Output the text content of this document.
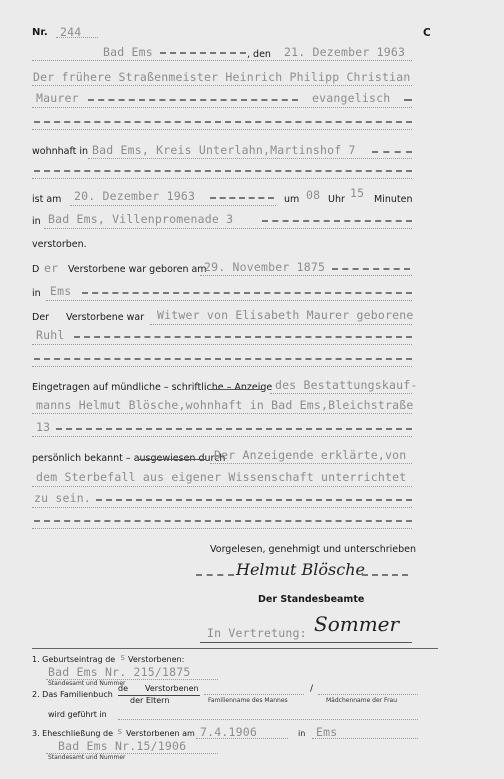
Nr. 244	C
Bad Ems	, den 21. Dezember 1963
Der frühere Straßenmeister Heinrich Philipp Christian
Maurer	evangelisch
wohnhaft in Bad Ems, Kreis Unterlahn,Martinshof 7
ist am 20. Dezember 1963	um 08 Uhr 15 Minuten
in Bad Ems, Villenpromenade 3
verstorben.
D er Verstorbene war geboren am
29. November 1875
in Ems
Der Verstorbene war Witwer von Elisabeth Maurer geborene
Ruhl
Eingetragen auf mündliche – schriftliche – Anzeige des Bestattungskauf-
manns Helmut Blösche,wohnhaft in Bad Ems,Bleichstraße
13
persönlich bekannt – ausgewiesen durch
Der Anzeigende erklärte,von
dem Sterbefall aus eigener Wissenschaft unterrichtet
zu sein.
Vorgelesen, genehmigt und unterschrieben
Helmut Blösche
Der Standesbeamte
In Vertretung: Sommer
1. Geburtseintrag de s Verstorbenen:
Bad Ems Nr. 215/1875
Standesamt und Nummer
2. Das Familienbuch
de Verstorbenen
der Eltern	Familienname des Mannes
/
Mädchenname der Frau
wird geführt in
3. Eheschließung de s Verstorbenen am 7.4.1906	in Ems
Bad Ems Nr.15/1906
Standesamt und Nummer
